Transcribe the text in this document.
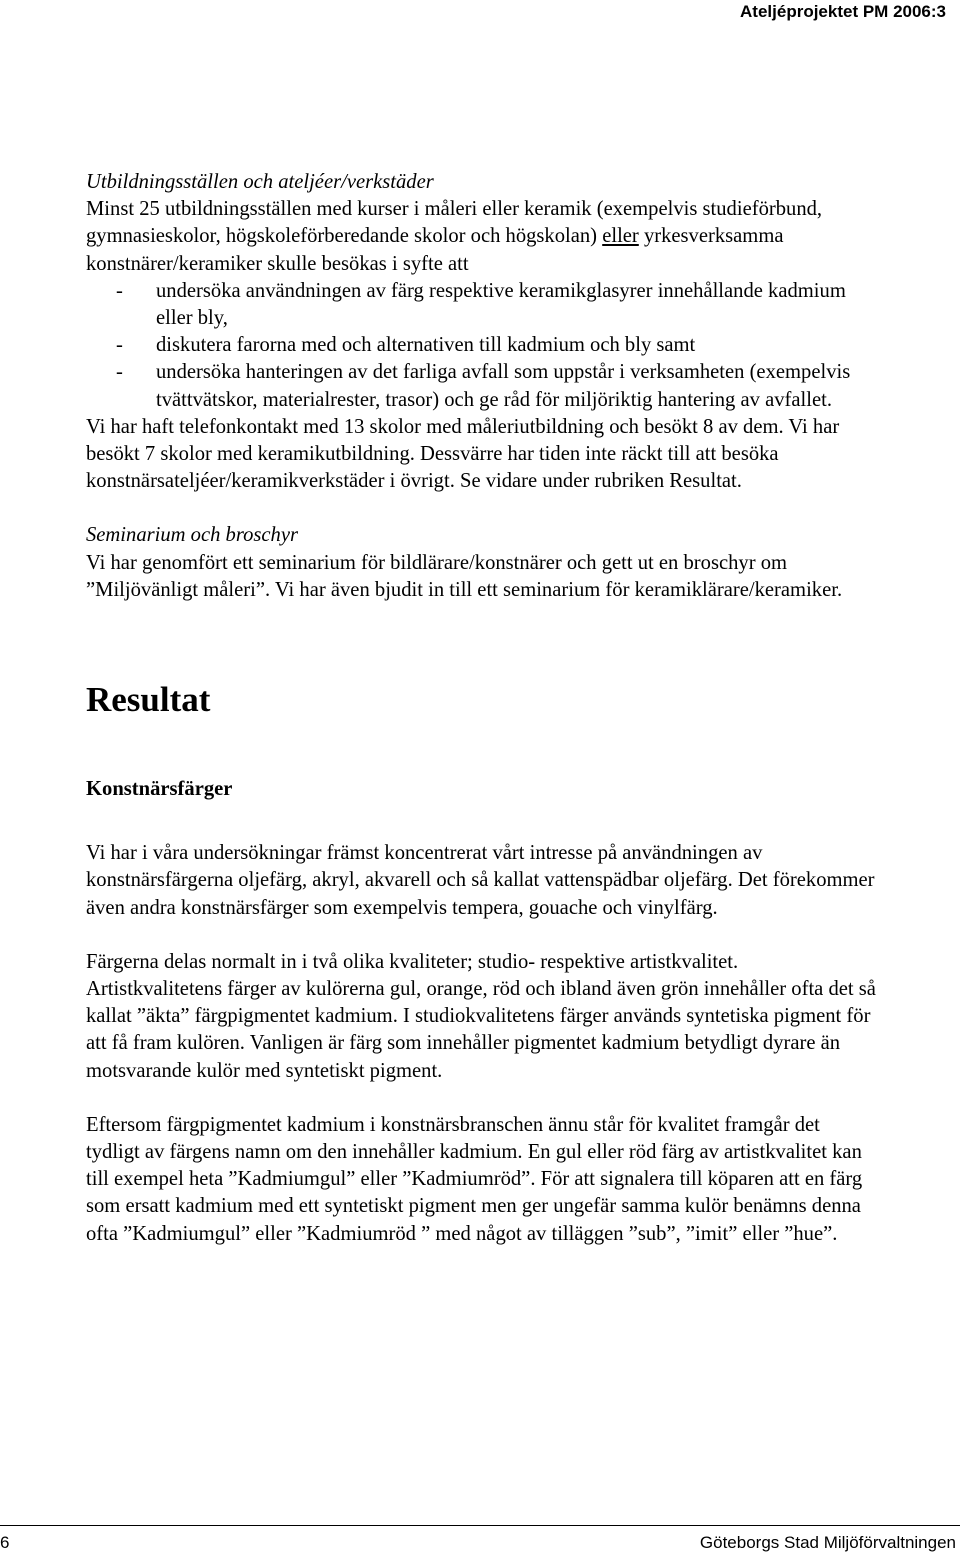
Ateljéprojektet PM 2006:3

Utbildningsställen och ateljéer/verkstäder

Minst 25 utbildningsställen med kurser i måleri eller keramik (exempelvis studieförbund, gymnasieskolor, högskoleförberedande skolor och högskolan) eller yrkesverksamma konstnärer/keramiker skulle besökas i syfte att

- undersöka användningen av färg respektive keramikglasyrer innehållande kadmium eller bly,
- diskutera farorna med och alternativen till kadmium och bly samt
- undersöka hanteringen av det farliga avfall som uppstår i verksamheten (exempelvis tvättvätskor, materialrester, trasor) och ge råd för miljöriktig hantering av avfallet.

Vi har haft telefonkontakt med 13 skolor med måleriutbildning och besökt 8 av dem. Vi har besökt 7 skolor med keramikutbildning. Dessvärre har tiden inte räckt till att besöka konstnärsateljéer/keramikverkstäder i övrigt. Se vidare under rubriken Resultat.

Seminarium och broschyr

Vi har genomfört ett seminarium för bildlärare/konstnärer och gett ut en broschyr om ”Miljövänligt måleri”. Vi har även bjudit in till ett seminarium för keramiklärare/keramiker.

Resultat

Konstnärsfärger

Vi har i våra undersökningar främst koncentrerat vårt intresse på användningen av konstnärsfärgerna oljefärg, akryl, akvarell och så kallat vattenspädbar oljefärg. Det förekommer även andra konstnärsfärger som exempelvis tempera, gouache och vinylfärg.

Färgerna delas normalt in i två olika kvaliteter; studio- respektive artistkvalitet. Artistkvalitetens färger av kulörerna gul, orange, röd och ibland även grön innehåller ofta det så kallat ”äkta” färgpigmentet kadmium. I studiokvalitetens färger används syntetiska pigment för att få fram kulören. Vanligen är färg som innehåller pigmentet kadmium betydligt dyrare än motsvarande kulör med syntetiskt pigment.

Eftersom färgpigmentet kadmium i konstnärsbranschen ännu står för kvalitet framgår det tydligt av färgens namn om den innehåller kadmium. En gul eller röd färg av artistkvalitet kan till exempel heta ”Kadmiumgul” eller ”Kadmiumröd”. För att signalera till köparen att en färg som ersatt kadmium med ett syntetiskt pigment men ger ungefär samma kulör benämns denna ofta ”Kadmiumgul” eller ”Kadmiumröd ” med något av tilläggen ”sub”, ”imit” eller ”hue”.

6	Göteborgs Stad Miljöförvaltningen
